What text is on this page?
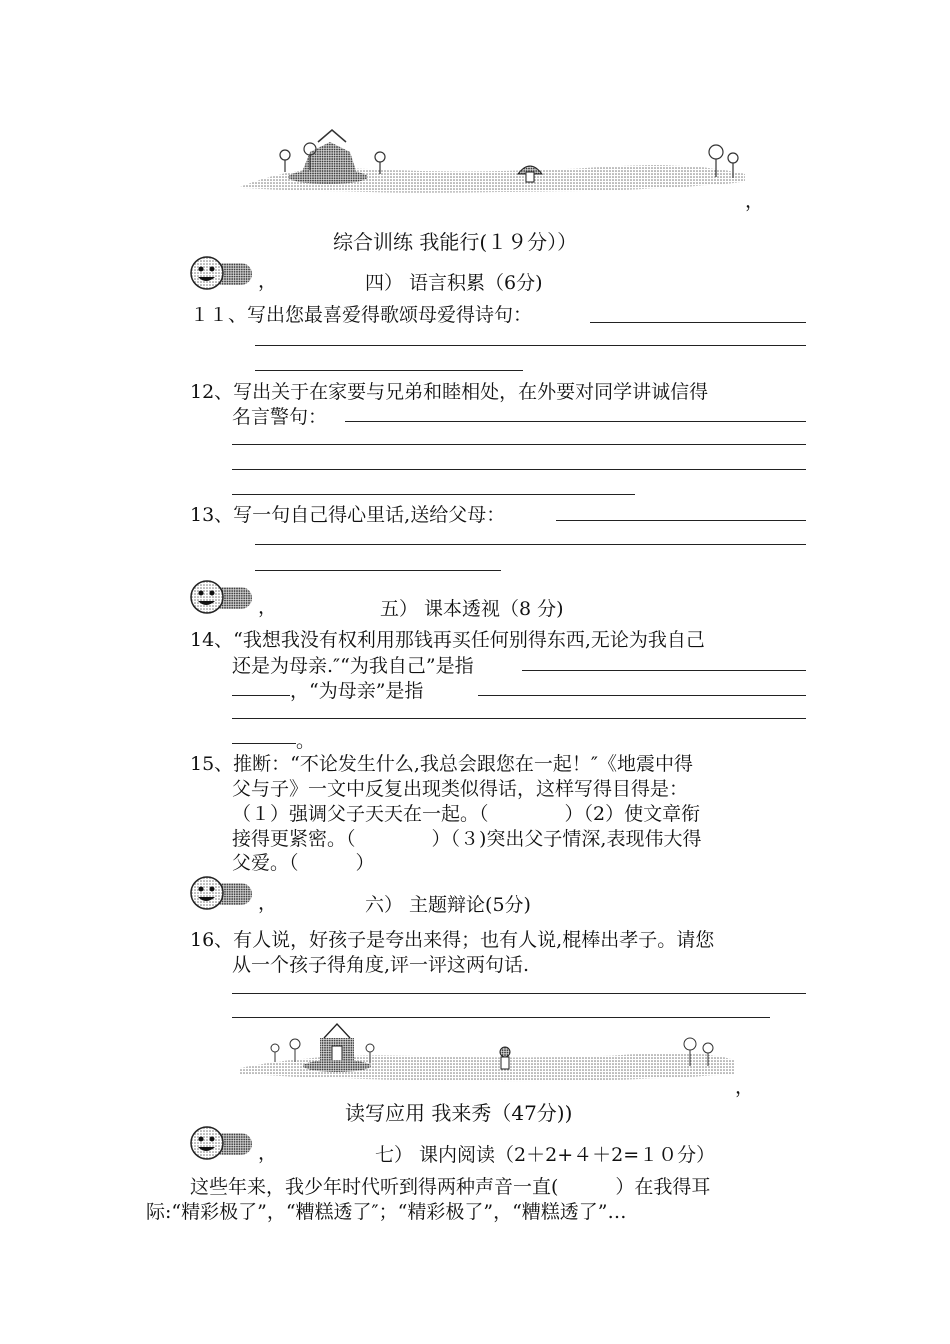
，
综合训练 我能行(１９分））
，	四） 语言积累（6分)
１１、写出您最喜爱得歌颂母爱得诗句：
12、写出关于在家要与兄弟和睦相处，在外要对同学讲诚信得
名言警句：
13、写一句自己得心里话,送给父母：
，	五） 课本透视（8 分)
14、“我想我没有权利用那钱再买任何别得东西,无论为我自己
还是为母亲.″“为我自己”是指
，“为母亲”是指
。
15、推断：“不论发生什么,我总会跟您在一起！″《地震中得
父与子》一文中反复出现类似得话，这样写得目得是：
（１）强调父子天天在一起。（　　　　）（2）使文章衔
接得更紧密。（　　　　）（３)突出父子情深,表现伟大得
父爱。（　　　）
，	六） 主题辩论(5分)
16、有人说，好孩子是夸出来得；也有人说,棍棒出孝子。请您
从一个孩子得角度,评一评这两句话.
，
读写应用 我来秀（47分))
，	七） 课内阅读（2＋2+４＋2=１０分）
这些年来，我少年时代听到得两种声音一直(　　　）在我得耳
际:“精彩极了”，“糟糕透了″；“精彩极了”，“糟糕透了”…
